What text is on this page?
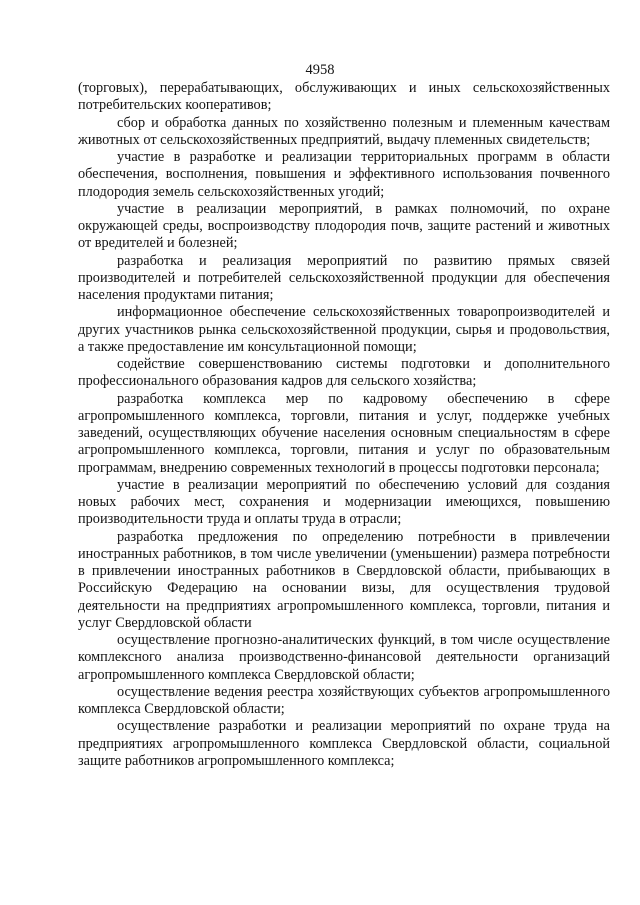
4958

(торговых), перерабатывающих, обслуживающих и иных сельскохозяйственных потребительских кооперативов;

сбор и обработка данных по хозяйственно полезным и племенным качествам животных от сельскохозяйственных предприятий, выдачу племенных свидетельств;

участие в разработке и реализации территориальных программ в области обеспечения, восполнения, повышения и эффективного использования почвенного плодородия земель сельскохозяйственных угодий;

участие в реализации мероприятий, в рамках полномочий, по охране окружающей среды, воспроизводству плодородия почв, защите растений и животных от вредителей и болезней;

разработка и реализация мероприятий по развитию прямых связей производителей и потребителей сельскохозяйственной продукции для обеспечения населения продуктами питания;

информационное обеспечение сельскохозяйственных товаропроизводителей и других участников рынка сельскохозяйственной продукции, сырья и продовольствия, а также предоставление им консультационной помощи;

содействие совершенствованию системы подготовки и дополнительного профессионального образования кадров для сельского хозяйства;

разработка комплекса мер по кадровому обеспечению в сфере агропромышленного комплекса, торговли, питания и услуг, поддержке учебных заведений, осуществляющих обучение населения основным специальностям в сфере агропромышленного комплекса, торговли, питания и услуг по образовательным программам, внедрению современных технологий в процессы подготовки персонала;

участие в реализации мероприятий по обеспечению условий для создания новых рабочих мест, сохранения и модернизации имеющихся, повышению производительности труда и оплаты труда в отрасли;

разработка предложения по определению потребности в привлечении иностранных работников, в том числе увеличении (уменьшении) размера потребности в привлечении иностранных работников в Свердловской области, прибывающих в Российскую Федерацию на основании визы, для осуществления трудовой деятельности на предприятиях агропромышленного комплекса, торговли, питания и услуг Свердловской области

осуществление прогнозно-аналитических функций, в том числе осуществление комплексного анализа производственно-финансовой деятельности организаций агропромышленного комплекса Свердловской области;

осуществление ведения реестра хозяйствующих субъектов агропромышленного комплекса Свердловской области;

осуществление разработки и реализации мероприятий по охране труда на предприятиях агропромышленного комплекса Свердловской области, социальной защите работников агропромышленного комплекса;
